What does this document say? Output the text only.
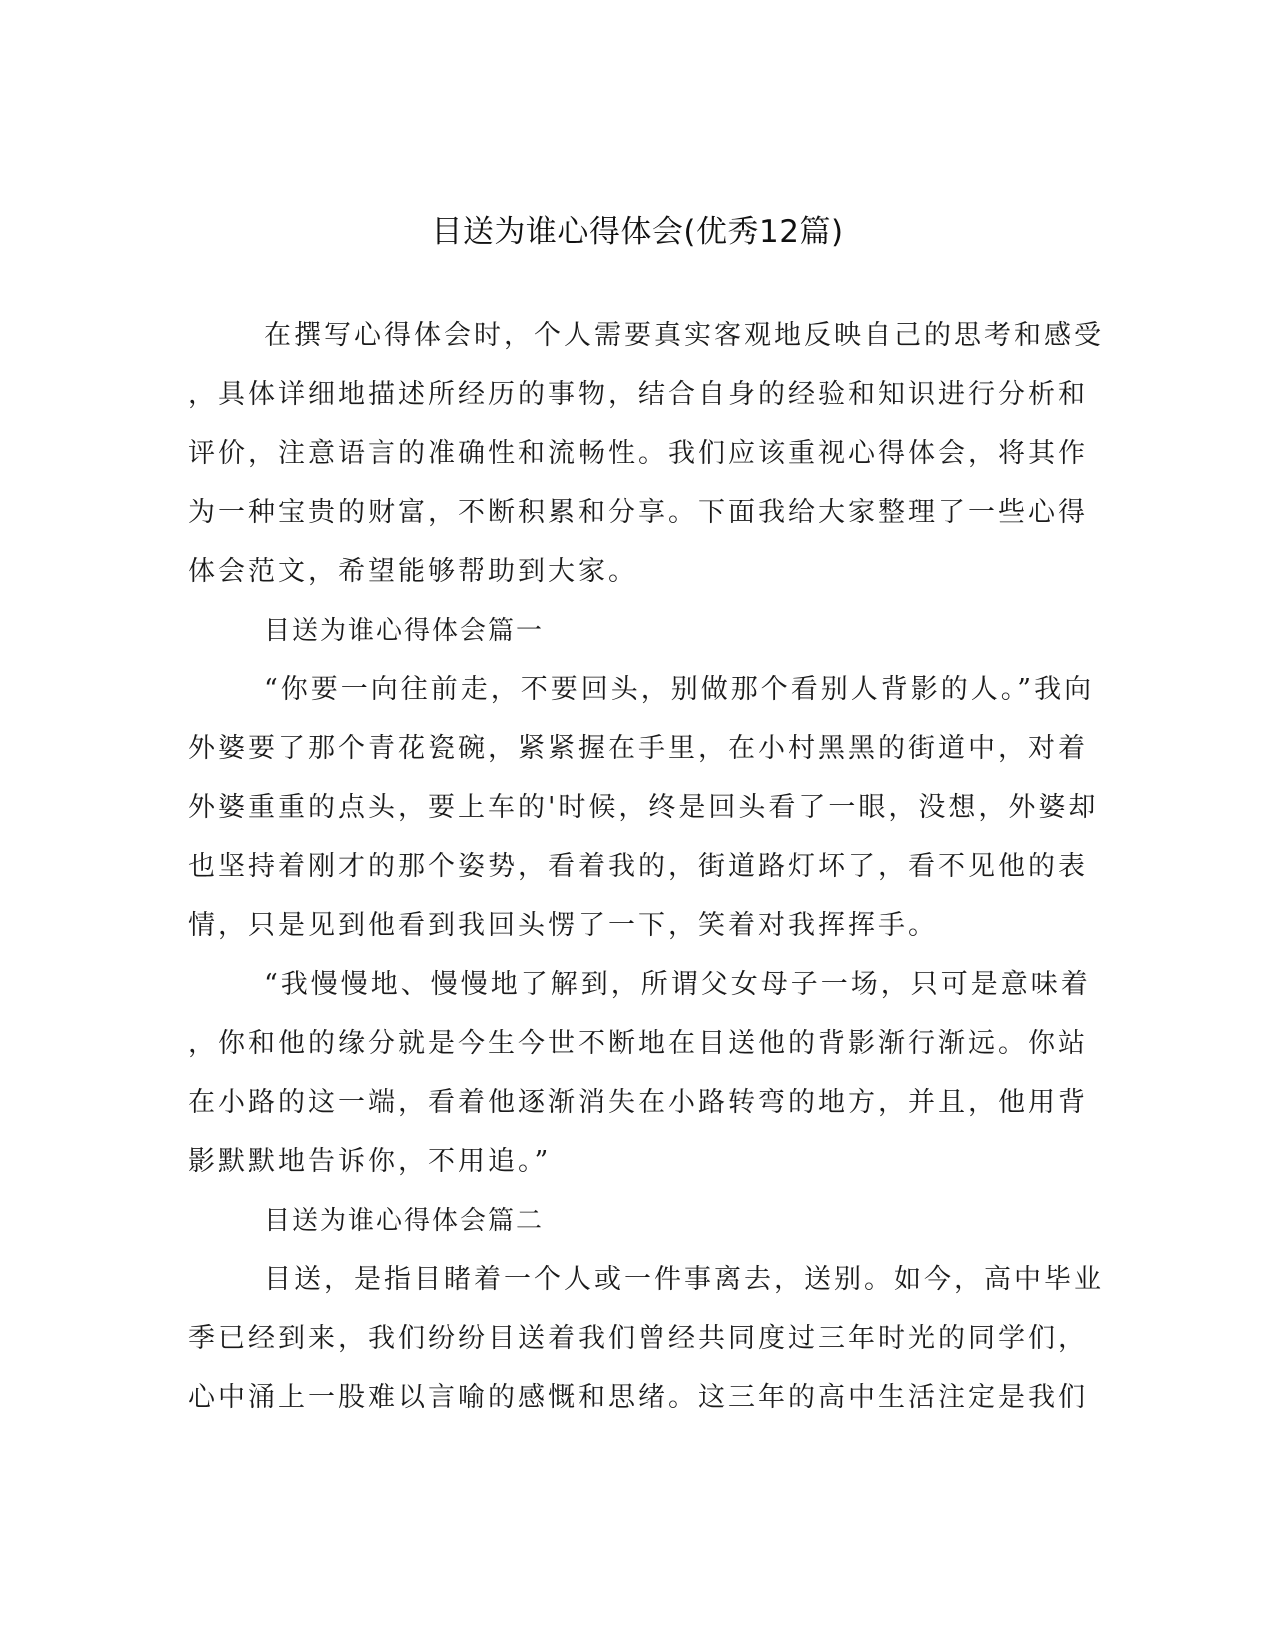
目送为谁心得体会(优秀12篇)
在撰写心得体会时，个人需要真实客观地反映自己的思考和感受
，具体详细地描述所经历的事物，结合自身的经验和知识进行分析和
评价，注意语言的准确性和流畅性。我们应该重视心得体会，将其作
为一种宝贵的财富，不断积累和分享。下面我给大家整理了一些心得
体会范文，希望能够帮助到大家。
目送为谁心得体会篇一
“你要一向往前走，不要回头，别做那个看别人背影的人。”我向
外婆要了那个青花瓷碗，紧紧握在手里，在小村黑黑的街道中，对着
外婆重重的点头，要上车的'时候，终是回头看了一眼，没想，外婆却
也坚持着刚才的那个姿势，看着我的，街道路灯坏了，看不见他的表
情，只是见到他看到我回头愣了一下，笑着对我挥挥手。
“我慢慢地、慢慢地了解到，所谓父女母子一场，只可是意味着
，你和他的缘分就是今生今世不断地在目送他的背影渐行渐远。你站
在小路的这一端，看着他逐渐消失在小路转弯的地方，并且，他用背
影默默地告诉你，不用追。”
目送为谁心得体会篇二
目送，是指目睹着一个人或一件事离去，送别。如今，高中毕业
季已经到来，我们纷纷目送着我们曾经共同度过三年时光的同学们，
心中涌上一股难以言喻的感慨和思绪。这三年的高中生活注定是我们
